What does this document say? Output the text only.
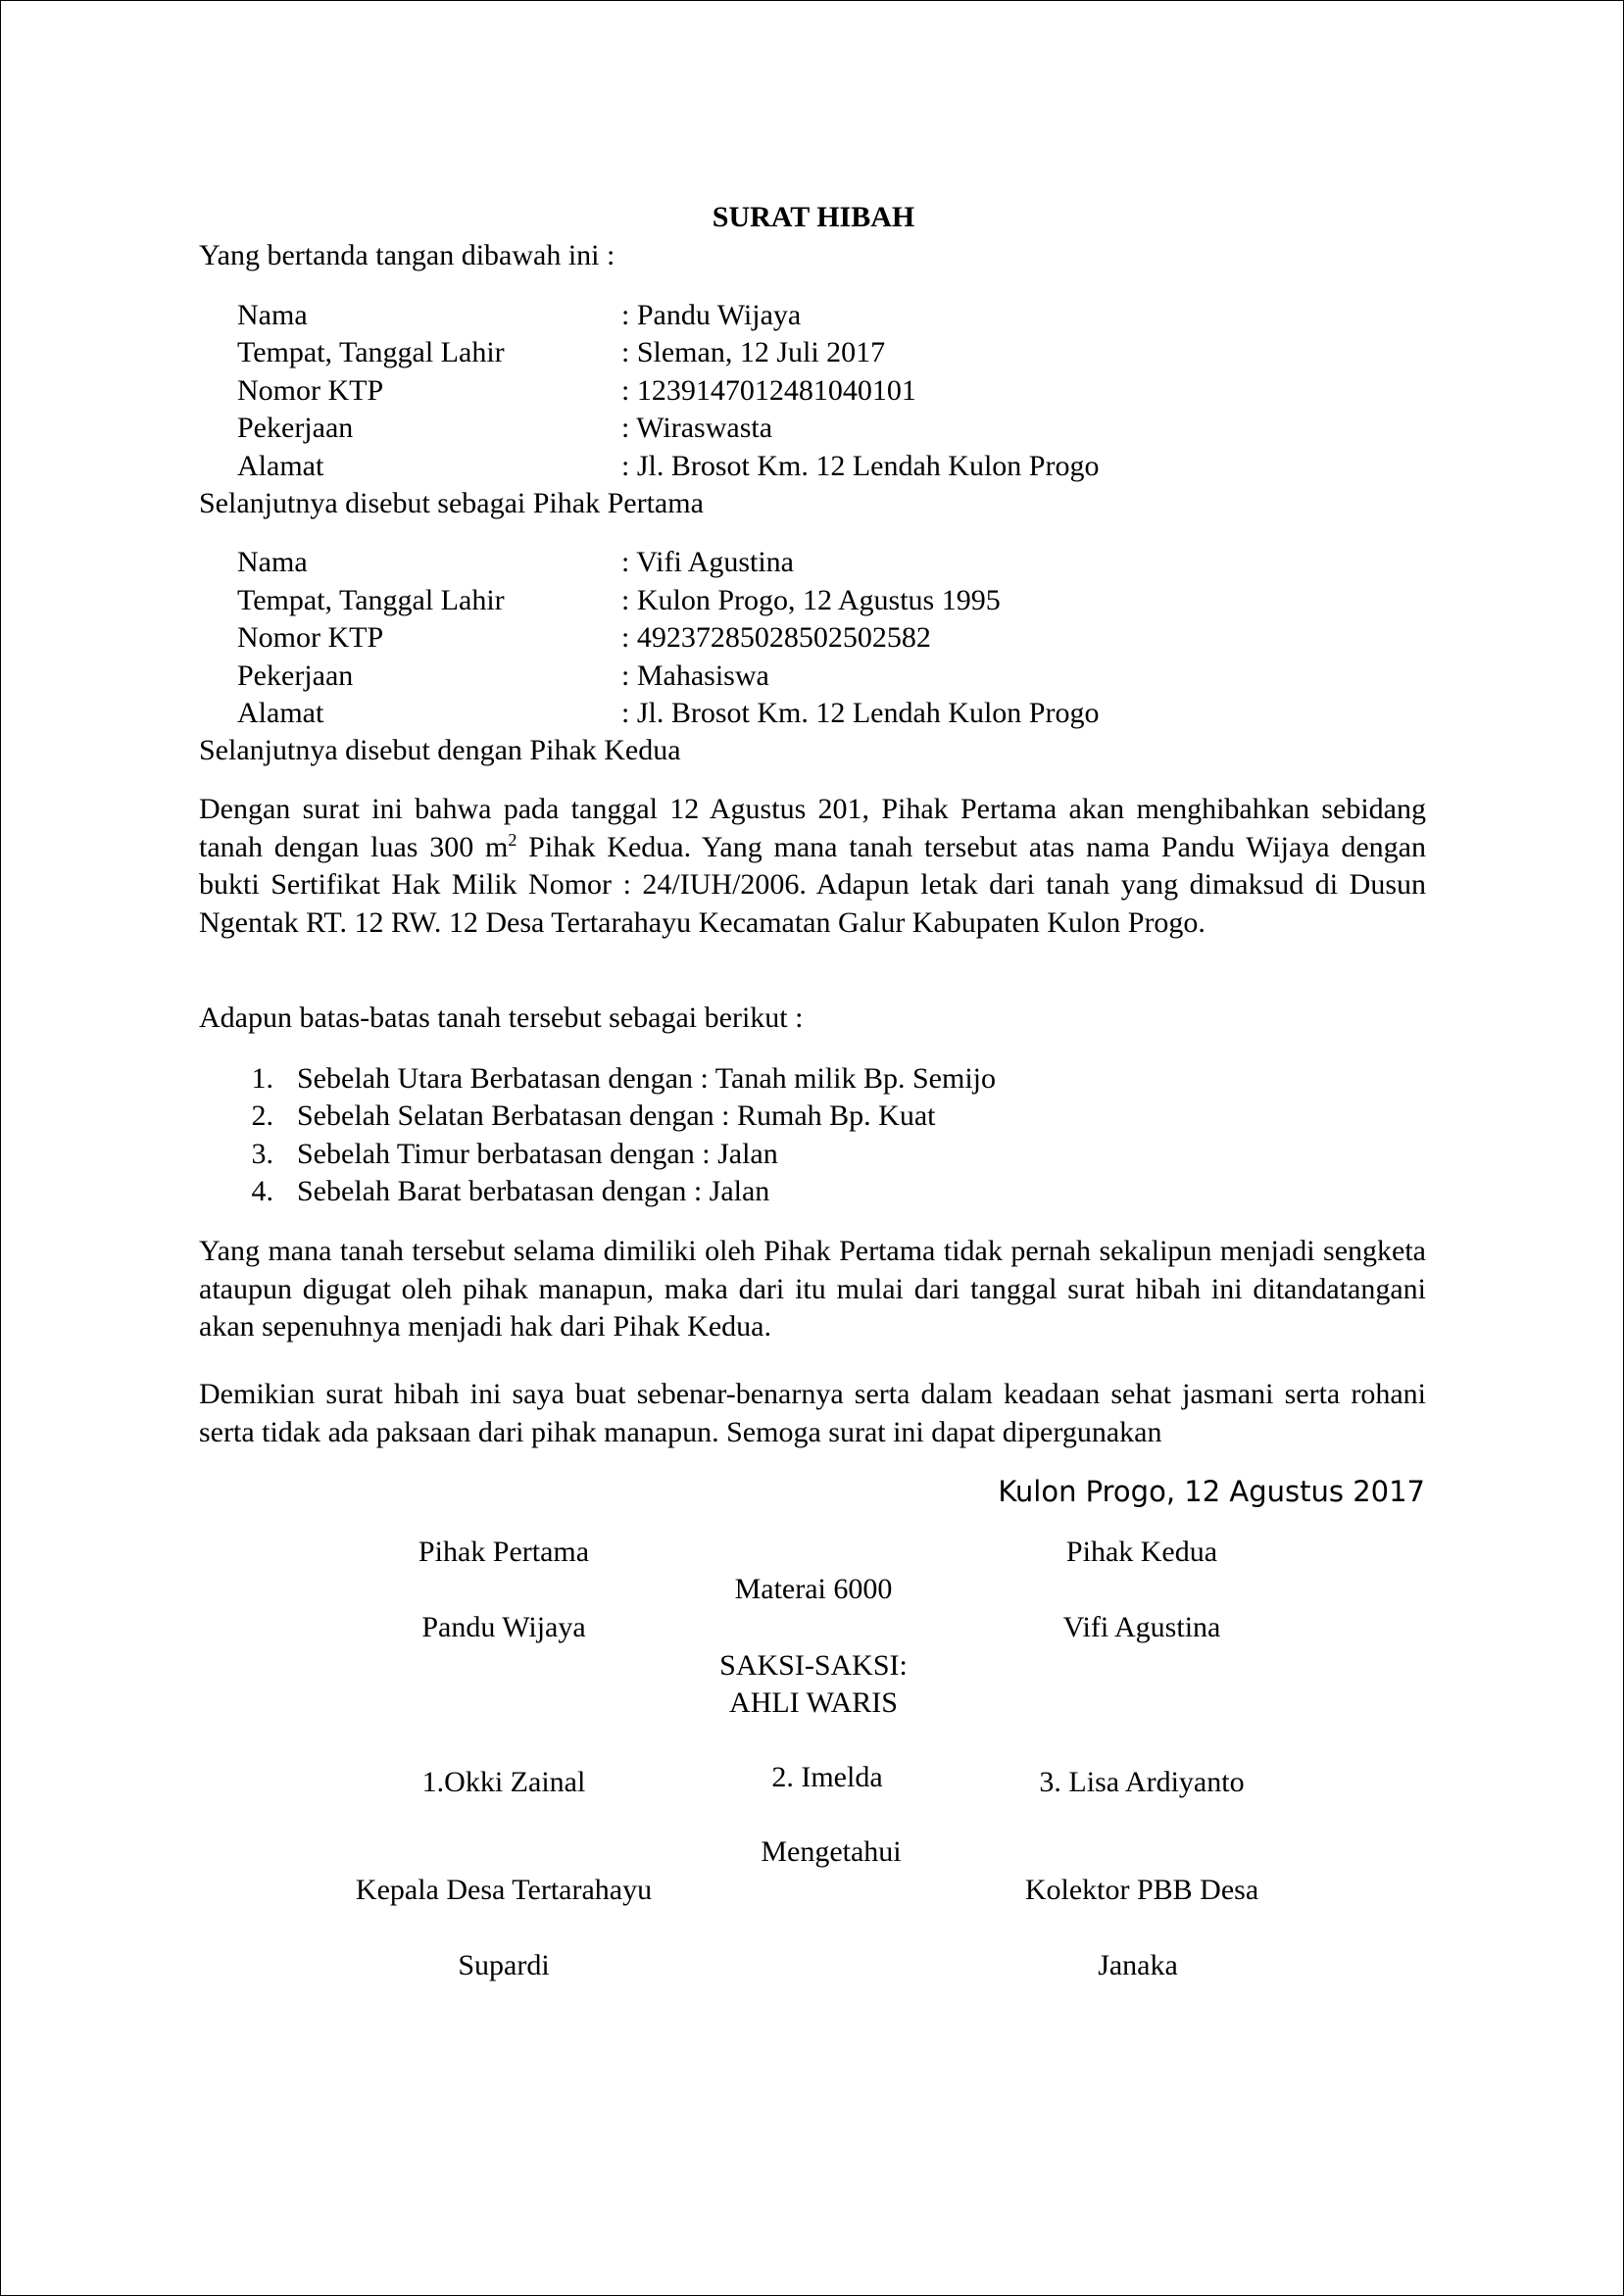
SURAT HIBAH
Yang bertanda tangan dibawah ini :
Nama	: Pandu Wijaya
Tempat, Tanggal Lahir	: Sleman, 12 Juli 2017
Nomor KTP	: 1239147012481040101
Pekerjaan	: Wiraswasta
Alamat	: Jl. Brosot Km. 12 Lendah Kulon Progo
Selanjutnya disebut sebagai Pihak Pertama
Nama	: Vifi Agustina
Tempat, Tanggal Lahir	: Kulon Progo, 12 Agustus 1995
Nomor KTP	: 49237285028502502582
Pekerjaan	: Mahasiswa
Alamat	: Jl. Brosot Km. 12 Lendah Kulon Progo
Selanjutnya disebut dengan Pihak Kedua
Dengan surat ini bahwa pada tanggal 12 Agustus 201, Pihak Pertama akan menghibahkan sebidang tanah dengan luas 300 $m^2$ Pihak Kedua. Yang mana tanah tersebut atas nama Pandu Wijaya dengan bukti Sertifikat Hak Milik Nomor : 24/IUH/2006. Adapun letak dari tanah yang dimaksud di Dusun Ngentak RT. 12 RW. 12 Desa Tertarahayu Kecamatan Galur Kabupaten Kulon Progo.
Adapun batas-batas tanah tersebut sebagai berikut :
1. Sebelah Utara Berbatasan dengan : Tanah milik Bp. Semijo
2. Sebelah Selatan Berbatasan dengan : Rumah Bp. Kuat
3. Sebelah Timur berbatasan dengan : Jalan
4. Sebelah Barat berbatasan dengan : Jalan
Yang mana tanah tersebut selama dimiliki oleh Pihak Pertama tidak pernah sekalipun menjadi sengketa ataupun digugat oleh pihak manapun, maka dari itu mulai dari tanggal surat hibah ini ditandatangani akan sepenuhnya menjadi hak dari Pihak Kedua.
Demikian surat hibah ini saya buat sebenar-benarnya serta dalam keadaan sehat jasmani serta rohani serta tidak ada paksaan dari pihak manapun. Semoga surat ini dapat dipergunakan
Kulon Progo, 12 Agustus 2017
Pihak Pertama	Pihak Kedua
Materai 6000
Pandu Wijaya	Vifi Agustina
SAKSI-SAKSI:
AHLI WARIS
1.Okki Zainal	2. Imelda	3. Lisa Ardiyanto
Mengetahui
Kepala Desa Tertarahayu	Kolektor PBB Desa
Supardi	Janaka
